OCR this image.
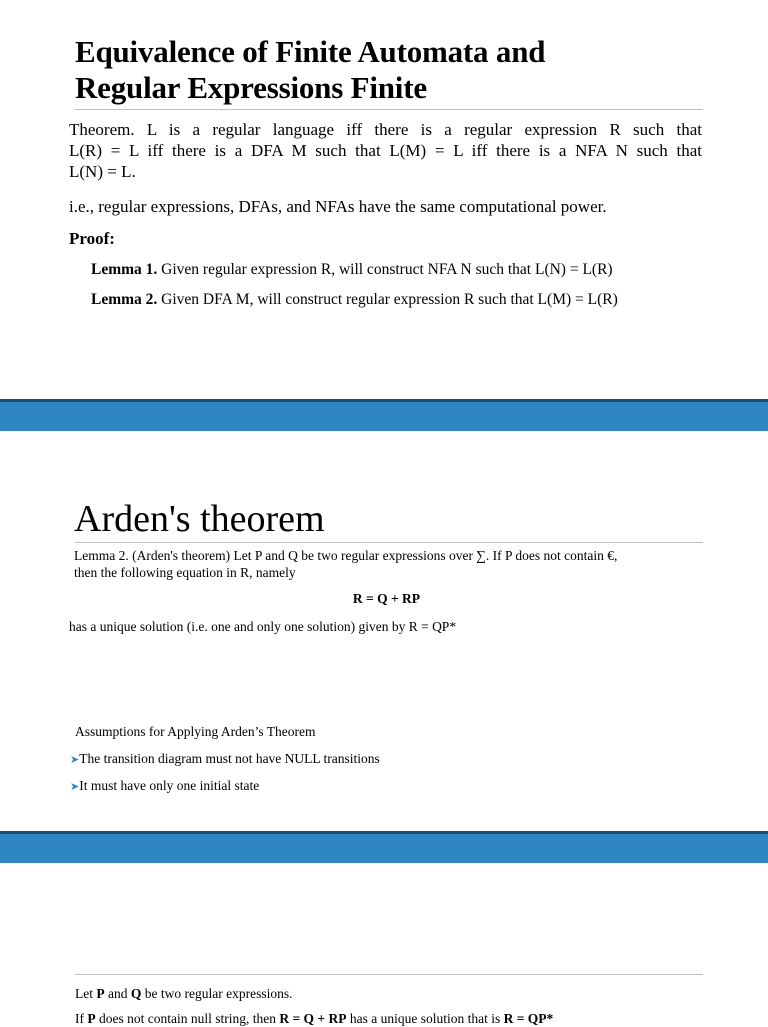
Equivalence of Finite Automata and
Regular Expressions Finite
Theorem. L is a regular language iff there is a regular expression R such that
L(R) = L iff there is a DFA M such that L(M) = L iff there is a NFA N such that
L(N) = L.
i.e., regular expressions, DFAs, and NFAs have the same computational power.
Proof:
Lemma 1. Given regular expression R, will construct NFA N such that L(N) = L(R)
Lemma 2. Given DFA M, will construct regular expression R such that L(M) = L(R)
Arden's theorem
Lemma 2. (Arden's theorem) Let P and Q be two regular expressions over ∑. If P does not contain €,
then the following equation in R, namely
R = Q + RP
has a unique solution (i.e. one and only one solution) given by R = QP*
Assumptions for Applying Arden’s Theorem
➤The transition diagram must not have NULL transitions
➤It must have only one initial state
Let P and Q be two regular expressions.
If P does not contain null string, then R = Q + RP has a unique solution that is R = QP*
